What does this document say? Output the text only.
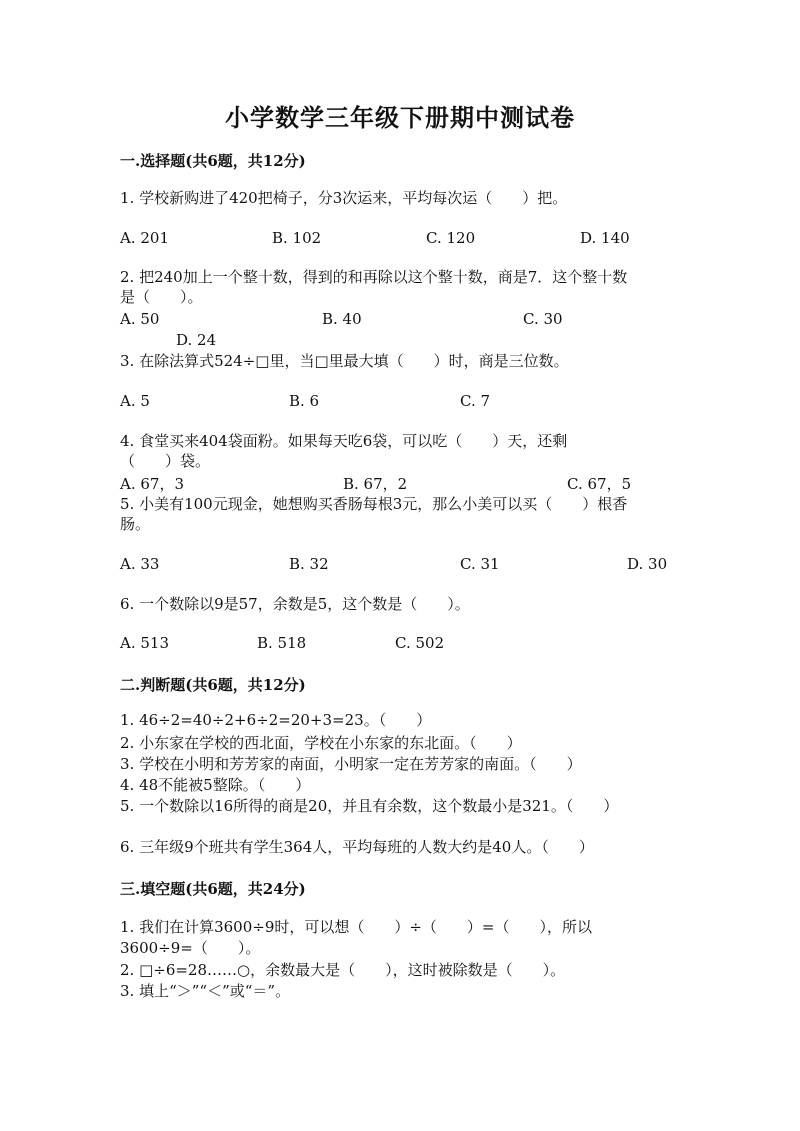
小学数学三年级下册期中测试卷
一.选择题(共6题，共12分)
1. 学校新购进了420把椅子，分3次运来，平均每次运（　　）把。
A. 201	B. 102	C. 120	D. 140
2. 把240加上一个整十数，得到的和再除以这个整十数，商是7．这个整十数
是（　　）。
A. 50	B. 40	C. 30
D. 24
3. 在除法算式524÷□里，当□里最大填（　　）时，商是三位数。
A. 5	B. 6	C. 7
4. 食堂买来404袋面粉。如果每天吃6袋，可以吃（　　）天，还剩
（　　）袋。
A. 67，3	B. 67，2	C. 67，5
5. 小美有100元现金，她想购买香肠每根3元，那么小美可以买（　　）根香
肠。
A. 33	B. 32	C. 31	D. 30
6. 一个数除以9是57，余数是5，这个数是（　　）。
A. 513	B. 518	C. 502
二.判断题(共6题，共12分)
1. 46÷2=40÷2+6÷2=20+3=23。（　　）
2. 小东家在学校的西北面，学校在小东家的东北面。（　　）
3. 学校在小明和芳芳家的南面，小明家一定在芳芳家的南面。（　　）
4. 48不能被5整除。（　　）
5. 一个数除以16所得的商是20，并且有余数，这个数最小是321。（　　）
6. 三年级9个班共有学生364人，平均每班的人数大约是40人。（　　）
三.填空题(共6题，共24分)
1. 我们在计算3600÷9时，可以想（　　）÷（　　）=（　　），所以
3600÷9=（　　）。
2. □÷6=28……○，余数最大是（　　），这时被除数是（　　）。
3. 填上“＞”“＜”或“＝”。
